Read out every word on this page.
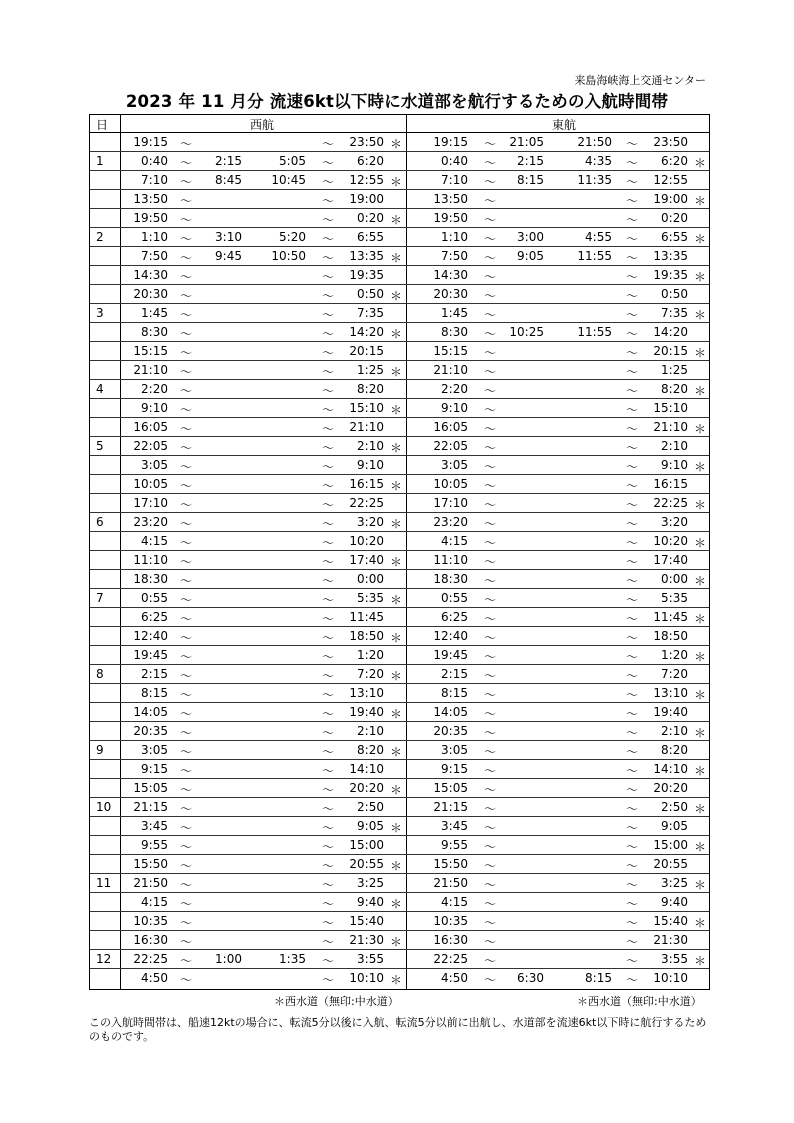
来島海峡海上交通センター
2023 年 11 月分 流速6kt以下時に水道部を航行するための入航時間帯
日	西航	東航
19:15 〜	〜	23:50 ＊	19:15 〜	21:05	21:50 〜	23:50
1	0:40 〜	2:15	5:05 〜	6:20	0:40 〜	2:15	4:35 〜	6:20 ＊
7:10 〜	8:45	10:45 〜	12:55 ＊	7:10 〜	8:15	11:35 〜	12:55
13:50 〜	〜	19:00	13:50 〜	〜	19:00 ＊
19:50 〜	〜	0:20 ＊	19:50 〜	〜	0:20
2	1:10 〜	3:10	5:20 〜	6:55	1:10 〜	3:00	4:55 〜	6:55 ＊
7:50 〜	9:45	10:50 〜	13:35 ＊	7:50 〜	9:05	11:55 〜	13:35
14:30 〜	〜	19:35	14:30 〜	〜	19:35 ＊
20:30 〜	〜	0:50 ＊	20:30 〜	〜	0:50
3	1:45 〜	〜	7:35	1:45 〜	〜	7:35 ＊
8:30 〜	〜	14:20 ＊	8:30 〜	10:25	11:55 〜	14:20
15:15 〜	〜	20:15	15:15 〜	〜	20:15 ＊
21:10 〜	〜	1:25 ＊	21:10 〜	〜	1:25
4	2:20 〜	〜	8:20	2:20 〜	〜	8:20 ＊
9:10 〜	〜	15:10 ＊	9:10 〜	〜	15:10
16:05 〜	〜	21:10	16:05 〜	〜	21:10 ＊
5	22:05 〜	〜	2:10 ＊	22:05 〜	〜	2:10
3:05 〜	〜	9:10	3:05 〜	〜	9:10 ＊
10:05 〜	〜	16:15 ＊	10:05 〜	〜	16:15
17:10 〜	〜	22:25	17:10 〜	〜	22:25 ＊
6	23:20 〜	〜	3:20 ＊	23:20 〜	〜	3:20
4:15 〜	〜	10:20	4:15 〜	〜	10:20 ＊
11:10 〜	〜	17:40 ＊	11:10 〜	〜	17:40
18:30 〜	〜	0:00	18:30 〜	〜	0:00 ＊
7	0:55 〜	〜	5:35 ＊	0:55 〜	〜	5:35
6:25 〜	〜	11:45	6:25 〜	〜	11:45 ＊
12:40 〜	〜	18:50 ＊	12:40 〜	〜	18:50
19:45 〜	〜	1:20	19:45 〜	〜	1:20 ＊
8	2:15 〜	〜	7:20 ＊	2:15 〜	〜	7:20
8:15 〜	〜	13:10	8:15 〜	〜	13:10 ＊
14:05 〜	〜	19:40 ＊	14:05 〜	〜	19:40
20:35 〜	〜	2:10	20:35 〜	〜	2:10 ＊
9	3:05 〜	〜	8:20 ＊	3:05 〜	〜	8:20
9:15 〜	〜	14:10	9:15 〜	〜	14:10 ＊
15:05 〜	〜	20:20 ＊	15:05 〜	〜	20:20
10	21:15 〜	〜	2:50	21:15 〜	〜	2:50 ＊
3:45 〜	〜	9:05 ＊	3:45 〜	〜	9:05
9:55 〜	〜	15:00	9:55 〜	〜	15:00 ＊
15:50 〜	〜	20:55 ＊	15:50 〜	〜	20:55
11	21:50 〜	〜	3:25	21:50 〜	〜	3:25 ＊
4:15 〜	〜	9:40 ＊	4:15 〜	〜	9:40
10:35 〜	〜	15:40	10:35 〜	〜	15:40 ＊
16:30 〜	〜	21:30 ＊	16:30 〜	〜	21:30
12	22:25 〜	1:00	1:35 〜	3:55	22:25 〜	〜	3:55 ＊
4:50 〜	〜	10:10 ＊	4:50 〜	6:30	8:15 〜	10:10
＊西水道（無印:中水道）	＊西水道（無印:中水道）
この入航時間帯は、船速12ktの場合に、転流5分以後に入航、転流5分以前に出航し、水道部を流速6kt以下時に航行するためのものです。
